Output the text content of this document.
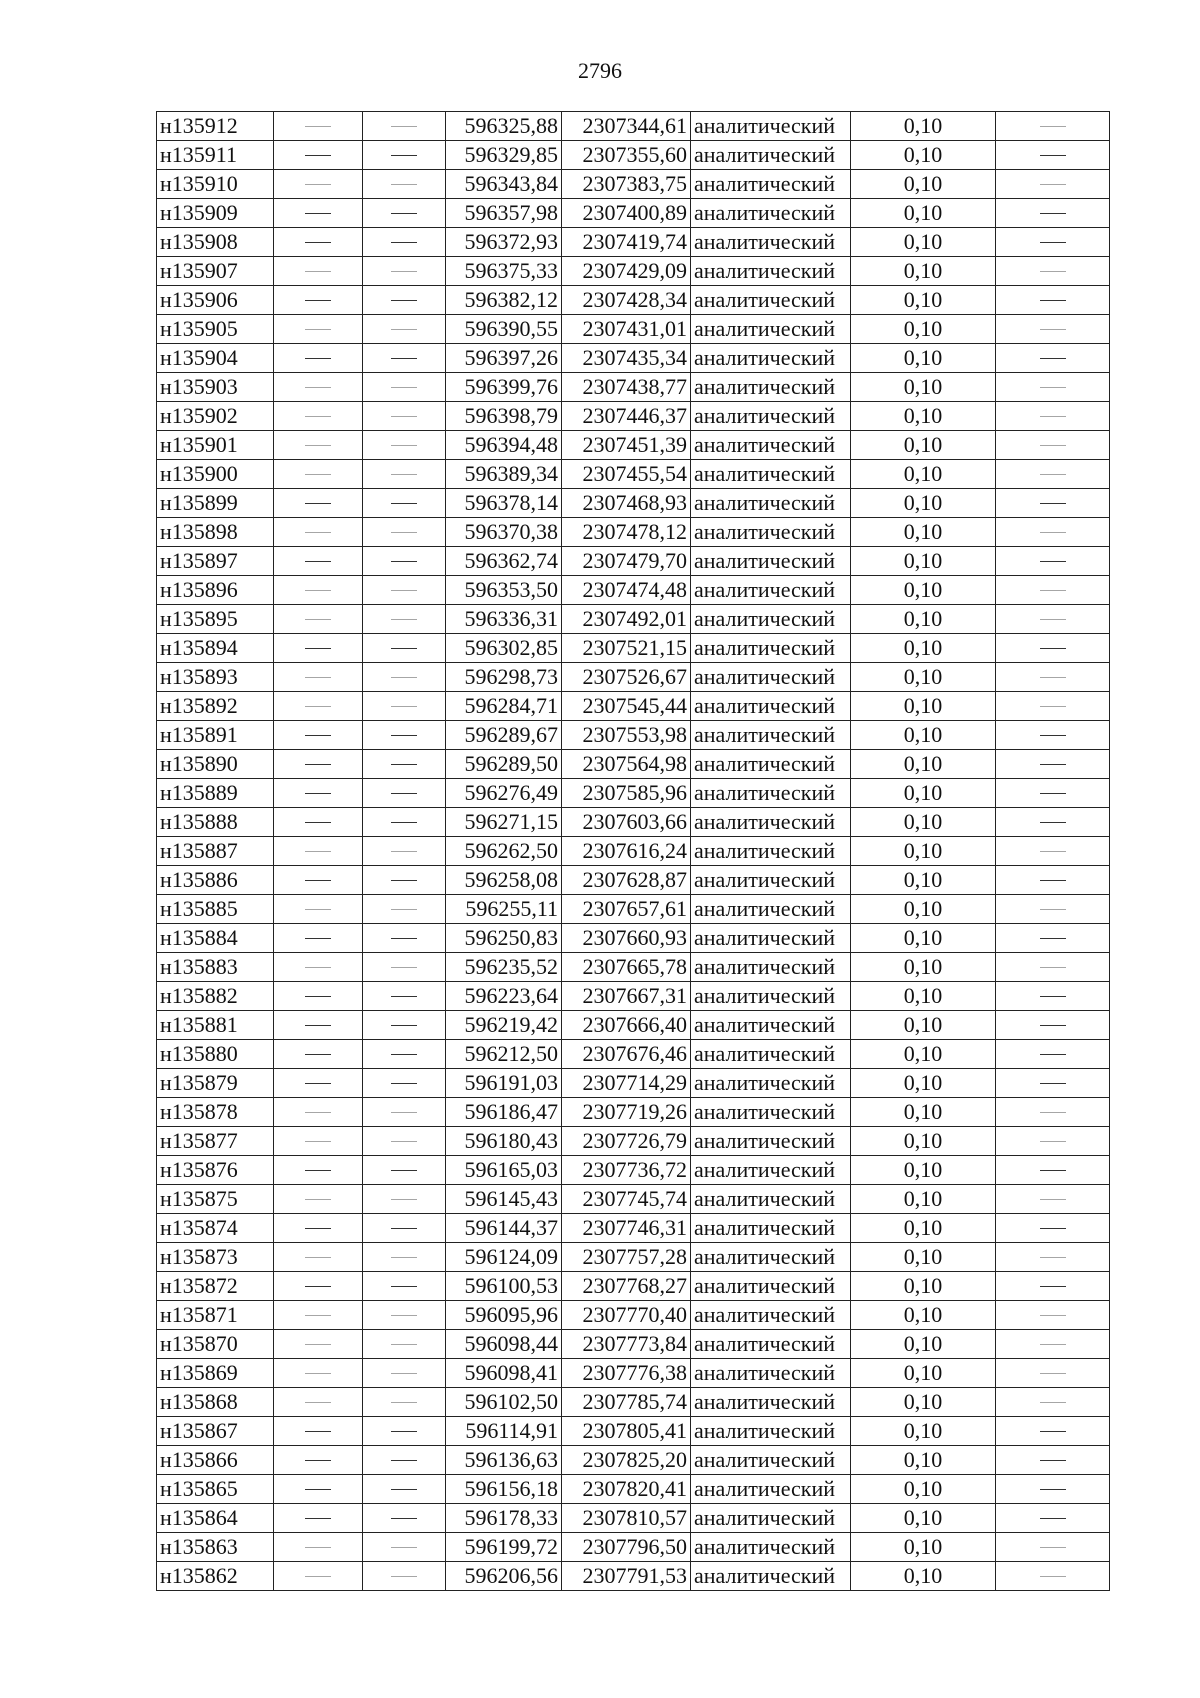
2796
н135912			596325,88	2307344,61	аналитический	0,10	
н135911			596329,85	2307355,60	аналитический	0,10	
н135910			596343,84	2307383,75	аналитический	0,10	
н135909			596357,98	2307400,89	аналитический	0,10	
н135908			596372,93	2307419,74	аналитический	0,10	
н135907			596375,33	2307429,09	аналитический	0,10	
н135906			596382,12	2307428,34	аналитический	0,10	
н135905			596390,55	2307431,01	аналитический	0,10	
н135904			596397,26	2307435,34	аналитический	0,10	
н135903			596399,76	2307438,77	аналитический	0,10	
н135902			596398,79	2307446,37	аналитический	0,10	
н135901			596394,48	2307451,39	аналитический	0,10	
н135900			596389,34	2307455,54	аналитический	0,10	
н135899			596378,14	2307468,93	аналитический	0,10	
н135898			596370,38	2307478,12	аналитический	0,10	
н135897			596362,74	2307479,70	аналитический	0,10	
н135896			596353,50	2307474,48	аналитический	0,10	
н135895			596336,31	2307492,01	аналитический	0,10	
н135894			596302,85	2307521,15	аналитический	0,10	
н135893			596298,73	2307526,67	аналитический	0,10	
н135892			596284,71	2307545,44	аналитический	0,10	
н135891			596289,67	2307553,98	аналитический	0,10	
н135890			596289,50	2307564,98	аналитический	0,10	
н135889			596276,49	2307585,96	аналитический	0,10	
н135888			596271,15	2307603,66	аналитический	0,10	
н135887			596262,50	2307616,24	аналитический	0,10	
н135886			596258,08	2307628,87	аналитический	0,10	
н135885			596255,11	2307657,61	аналитический	0,10	
н135884			596250,83	2307660,93	аналитический	0,10	
н135883			596235,52	2307665,78	аналитический	0,10	
н135882			596223,64	2307667,31	аналитический	0,10	
н135881			596219,42	2307666,40	аналитический	0,10	
н135880			596212,50	2307676,46	аналитический	0,10	
н135879			596191,03	2307714,29	аналитический	0,10	
н135878			596186,47	2307719,26	аналитический	0,10	
н135877			596180,43	2307726,79	аналитический	0,10	
н135876			596165,03	2307736,72	аналитический	0,10	
н135875			596145,43	2307745,74	аналитический	0,10	
н135874			596144,37	2307746,31	аналитический	0,10	
н135873			596124,09	2307757,28	аналитический	0,10	
н135872			596100,53	2307768,27	аналитический	0,10	
н135871			596095,96	2307770,40	аналитический	0,10	
н135870			596098,44	2307773,84	аналитический	0,10	
н135869			596098,41	2307776,38	аналитический	0,10	
н135868			596102,50	2307785,74	аналитический	0,10	
н135867			596114,91	2307805,41	аналитический	0,10	
н135866			596136,63	2307825,20	аналитический	0,10	
н135865			596156,18	2307820,41	аналитический	0,10	
н135864			596178,33	2307810,57	аналитический	0,10	
н135863			596199,72	2307796,50	аналитический	0,10	
н135862			596206,56	2307791,53	аналитический	0,10	
